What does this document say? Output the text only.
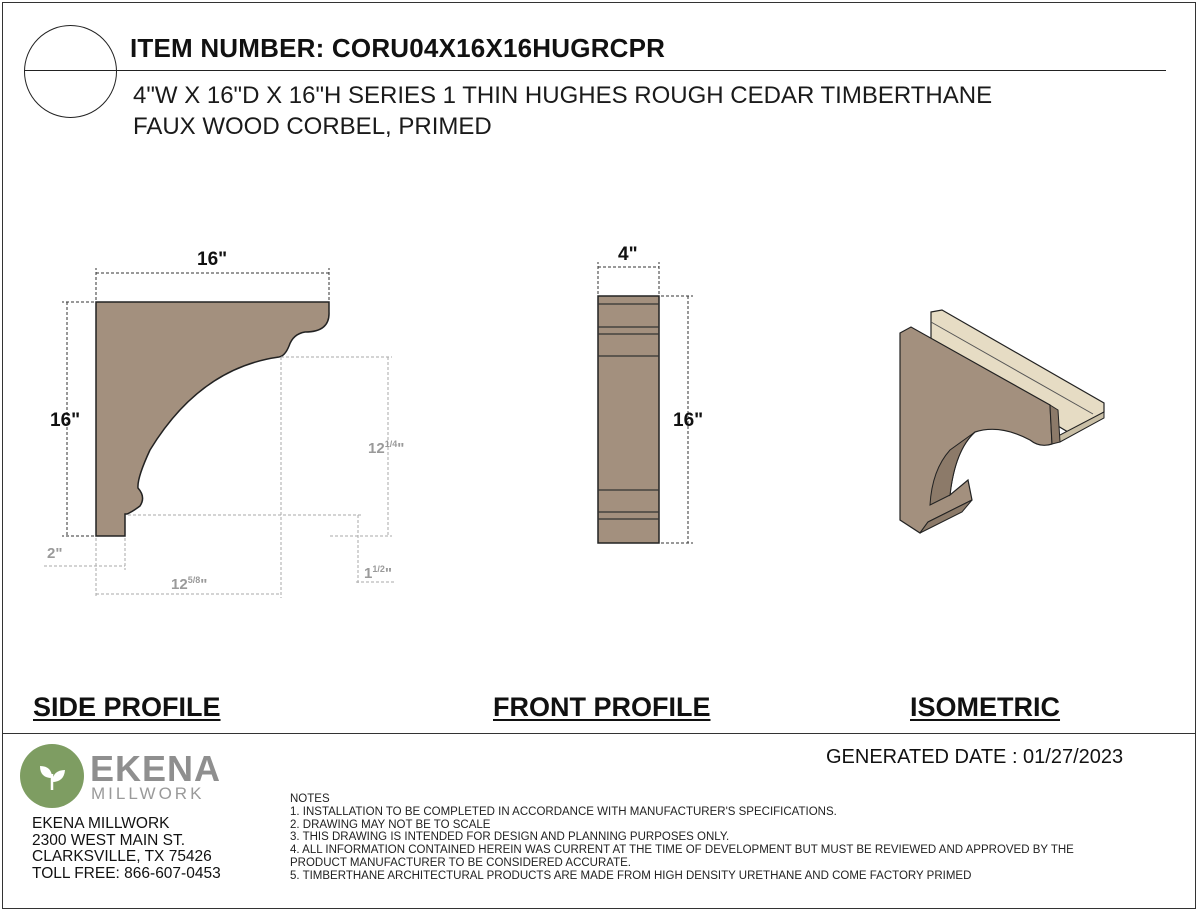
ITEM NUMBER: CORU04X16X16HUGRCPR
4"W X 16"D X 16"H SERIES 1 THIN HUGHES ROUGH CEDAR TIMBERTHANE
FAUX WOOD CORBEL, PRIMED
16"
16"
$12^{1/4}$"
2"
$12^{5/8}$"
$1^{1/2}$"
4"
16"
SIDE PROFILE	FRONT PROFILE	ISOMETRIC
GENERATED DATE : 01/27/2023
EKENA
MILLWORK
EKENA MILLWORK
2300 WEST MAIN ST.
CLARKSVILLE, TX 75426
TOLL FREE: 866-607-0453
NOTES
1. INSTALLATION TO BE COMPLETED IN ACCORDANCE WITH MANUFACTURER'S SPECIFICATIONS.
2. DRAWING MAY NOT BE TO SCALE
3. THIS DRAWING IS INTENDED FOR DESIGN AND PLANNING PURPOSES ONLY.
4. ALL INFORMATION CONTAINED HEREIN WAS CURRENT AT THE TIME OF DEVELOPMENT BUT MUST BE REVIEWED AND APPROVED BY THE
PRODUCT MANUFACTURER TO BE CONSIDERED ACCURATE.
5. TIMBERTHANE ARCHITECTURAL PRODUCTS ARE MADE FROM HIGH DENSITY URETHANE AND COME FACTORY PRIMED
